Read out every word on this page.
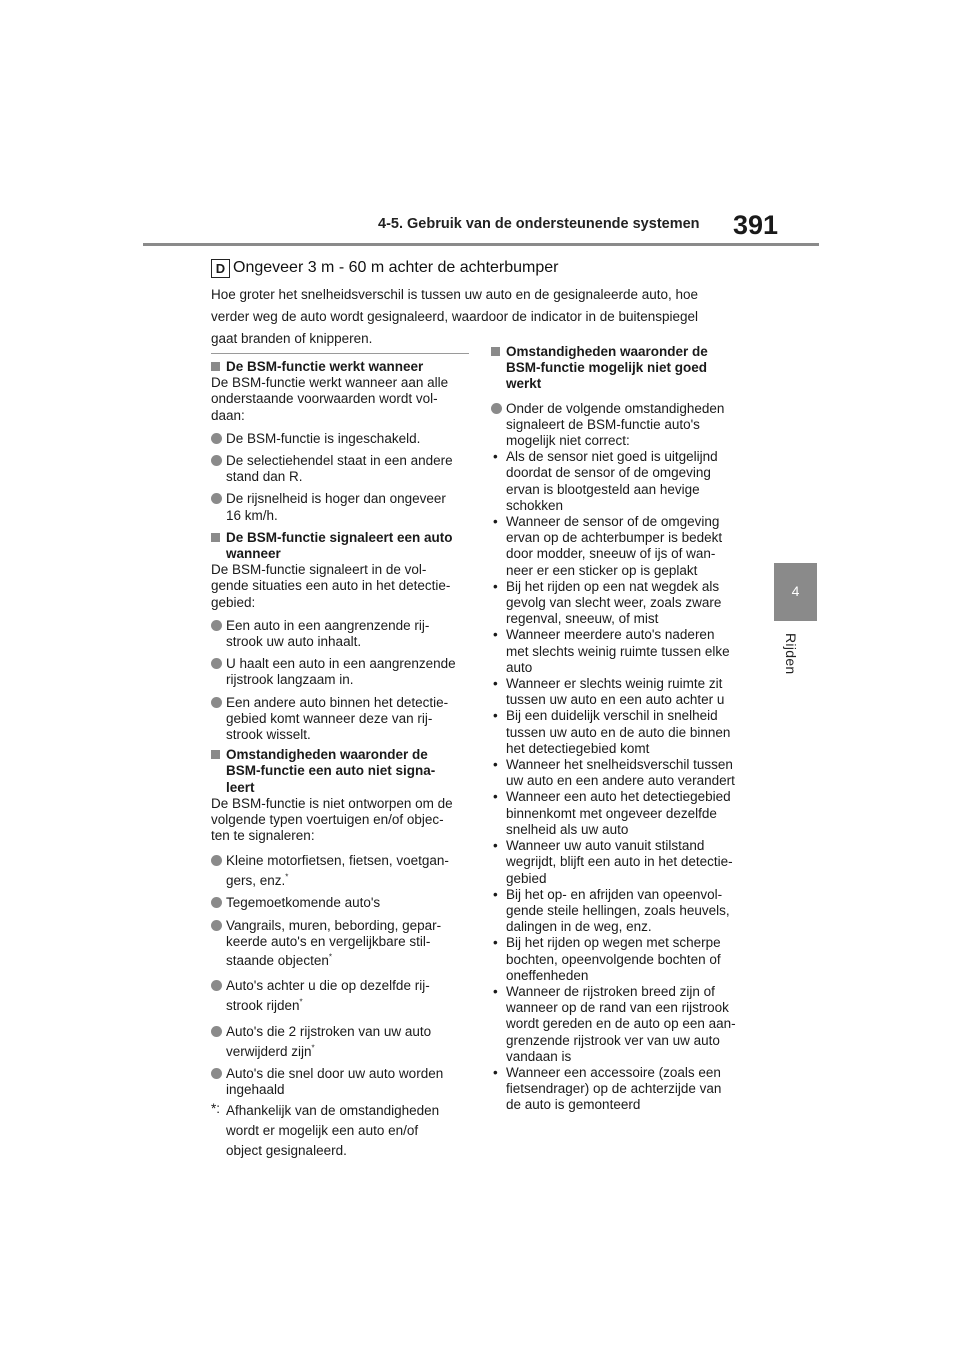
4-5. Gebruik van de ondersteunende systemen 391
4
Rijden
D Ongeveer 3 m - 60 m achter de achterbumper
Hoe groter het snelheidsverschil is tussen uw auto en de gesignaleerde auto, hoe
verder weg de auto wordt gesignaleerd, waardoor de indicator in de buitenspiegel
gaat branden of knipperen.
De BSM-functie werkt wanneer
De BSM-functie werkt wanneer aan alle
onderstaande voorwaarden wordt vol-
daan:
De BSM-functie is ingeschakeld.
De selectiehendel staat in een andere
stand dan R.
De rijsnelheid is hoger dan ongeveer
16 km/h.
De BSM-functie signaleert een auto
wanneer
De BSM-functie signaleert in de vol-
gende situaties een auto in het detectie-
gebied:
Een auto in een aangrenzende rij-
strook uw auto inhaalt.
U haalt een auto in een aangrenzende
rijstrook langzaam in.
Een andere auto binnen het detectie-
gebied komt wanneer deze van rij-
strook wisselt.
Omstandigheden waaronder de
BSM-functie een auto niet signa-
leert
De BSM-functie is niet ontworpen om de
volgende typen voertuigen en/of objec-
ten te signaleren:
Kleine motorfietsen, fietsen, voetgan-
gers, enz.*
Tegemoetkomende auto's
Vangrails, muren, bebording, gepar-
keerde auto's en vergelijkbare stil-
staande objecten*
Auto's achter u die op dezelfde rij-
strook rijden*
Auto's die 2 rijstroken van uw auto
verwijderd zijn*
Auto's die snel door uw auto worden
ingehaald
*: Afhankelijk van de omstandigheden
wordt er mogelijk een auto en/of
object gesignaleerd.
Omstandigheden waaronder de
BSM-functie mogelijk niet goed
werkt
Onder de volgende omstandigheden
signaleert de BSM-functie auto's
mogelijk niet correct:
• Als de sensor niet goed is uitgelijnd
doordat de sensor of de omgeving
ervan is blootgesteld aan hevige
schokken
• Wanneer de sensor of de omgeving
ervan op de achterbumper is bedekt
door modder, sneeuw of ijs of wan-
neer er een sticker op is geplakt
• Bij het rijden op een nat wegdek als
gevolg van slecht weer, zoals zware
regenval, sneeuw, of mist
• Wanneer meerdere auto's naderen
met slechts weinig ruimte tussen elke
auto
• Wanneer er slechts weinig ruimte zit
tussen uw auto en een auto achter u
• Bij een duidelijk verschil in snelheid
tussen uw auto en de auto die binnen
het detectiegebied komt
• Wanneer het snelheidsverschil tussen
uw auto en een andere auto verandert
• Wanneer een auto het detectiegebied
binnenkomt met ongeveer dezelfde
snelheid als uw auto
• Wanneer uw auto vanuit stilstand
wegrijdt, blijft een auto in het detectie-
gebied
• Bij het op- en afrijden van opeenvol-
gende steile hellingen, zoals heuvels,
dalingen in de weg, enz.
• Bij het rijden op wegen met scherpe
bochten, opeenvolgende bochten of
oneffenheden
• Wanneer de rijstroken breed zijn of
wanneer op de rand van een rijstrook
wordt gereden en de auto op een aan-
grenzende rijstrook ver van uw auto
vandaan is
• Wanneer een accessoire (zoals een
fietsendrager) op de achterzijde van
de auto is gemonteerd
